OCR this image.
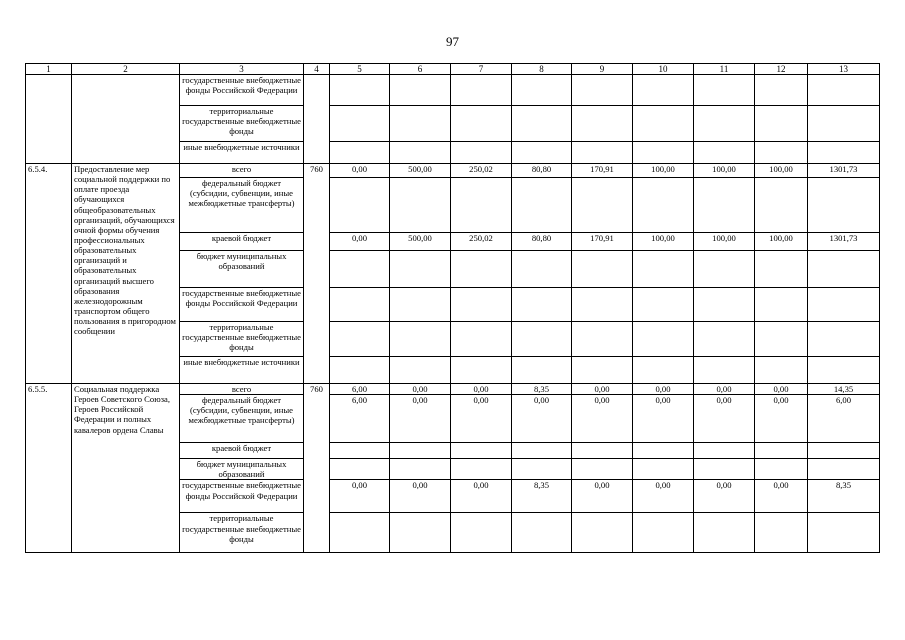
97
1	2	3	4	5	6	7	8	9	10	11	12	13
		государственные внебюджетные фонды Российской Федерации										
		территориальные государственные внебюджетные фонды										
		иные внебюджетные источники										
6.5.4.	Предоставление мер социальной поддержки по оплате проезда обучающихся общеобразовательных организаций, обучающихся очной формы обучения профессиональных образовательных организаций и образовательных организаций высшего образования железнодорожным транспортом общего пользования в пригородном сообщении	всего	760	0,00	500,00	250,02	80,80	170,91	100,00	100,00	100,00	1301,73
		федеральный бюджет (субсидии, субвенции, иные межбюджетные трансферты)										
		краевой бюджет		0,00	500,00	250,02	80,80	170,91	100,00	100,00	100,00	1301,73
		бюджет муниципальных образований										
		государственные внебюджетные фонды Российской Федерации										
		территориальные государственные внебюджетные фонды										
		иные внебюджетные источники										
6.5.5.	Социальная поддержка Героев Советского Союза, Героев Российской Федерации и полных кавалеров ордена Славы	всего	760	6,00	0,00	0,00	8,35	0,00	0,00	0,00	0,00	14,35
		федеральный бюджет (субсидии, субвенции, иные межбюджетные трансферты)		6,00	0,00	0,00	0,00	0,00	0,00	0,00	0,00	6,00
		краевой бюджет										
		бюджет муниципальных образований										
		государственные внебюджетные фонды Российской Федерации		0,00	0,00	0,00	8,35	0,00	0,00	0,00	0,00	8,35
		территориальные государственные внебюджетные фонды										
